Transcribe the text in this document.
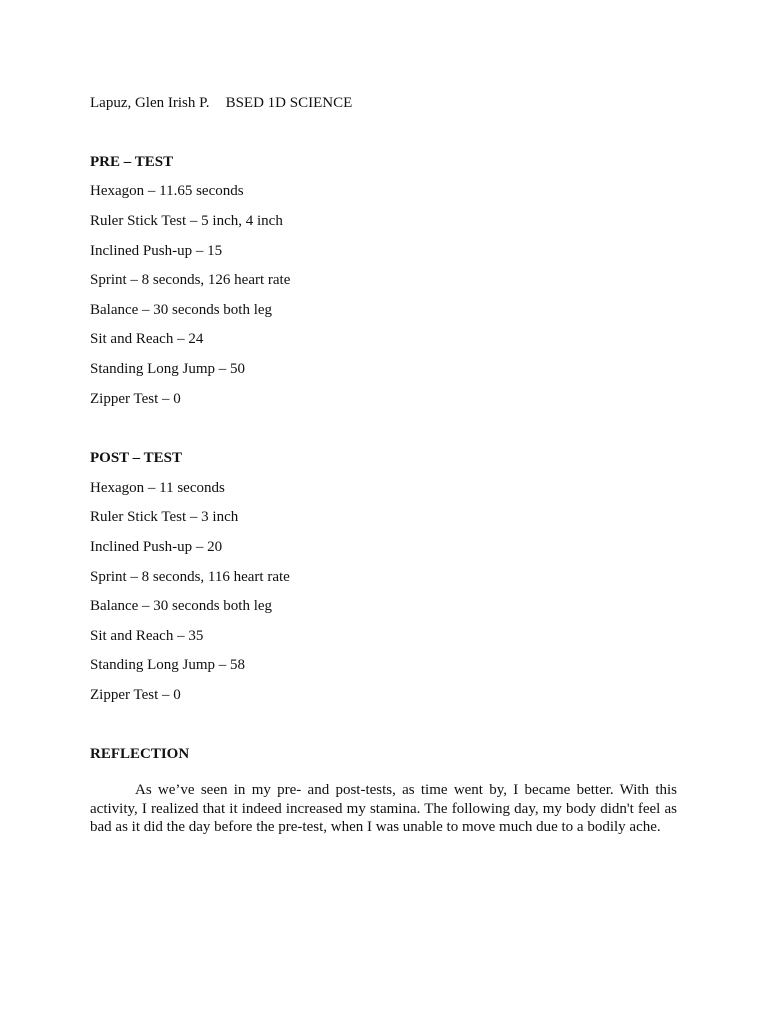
Lapuz, Glen Irish P. BSED 1D SCIENCE
PRE – TEST
Hexagon – 11.65 seconds
Ruler Stick Test – 5 inch, 4 inch
Inclined Push-up – 15
Sprint – 8 seconds, 126 heart rate
Balance – 30 seconds both leg
Sit and Reach – 24
Standing Long Jump – 50
Zipper Test – 0
POST – TEST
Hexagon – 11 seconds
Ruler Stick Test – 3 inch
Inclined Push-up – 20
Sprint – 8 seconds, 116 heart rate
Balance – 30 seconds both leg
Sit and Reach – 35
Standing Long Jump – 58
Zipper Test – 0
REFLECTION
As we’ve seen in my pre- and post-tests, as time went by, I became better. With this activity, I realized that it indeed increased my stamina. The following day, my body didn't feel as bad as it did the day before the pre-test, when I was unable to move much due to a bodily ache.
